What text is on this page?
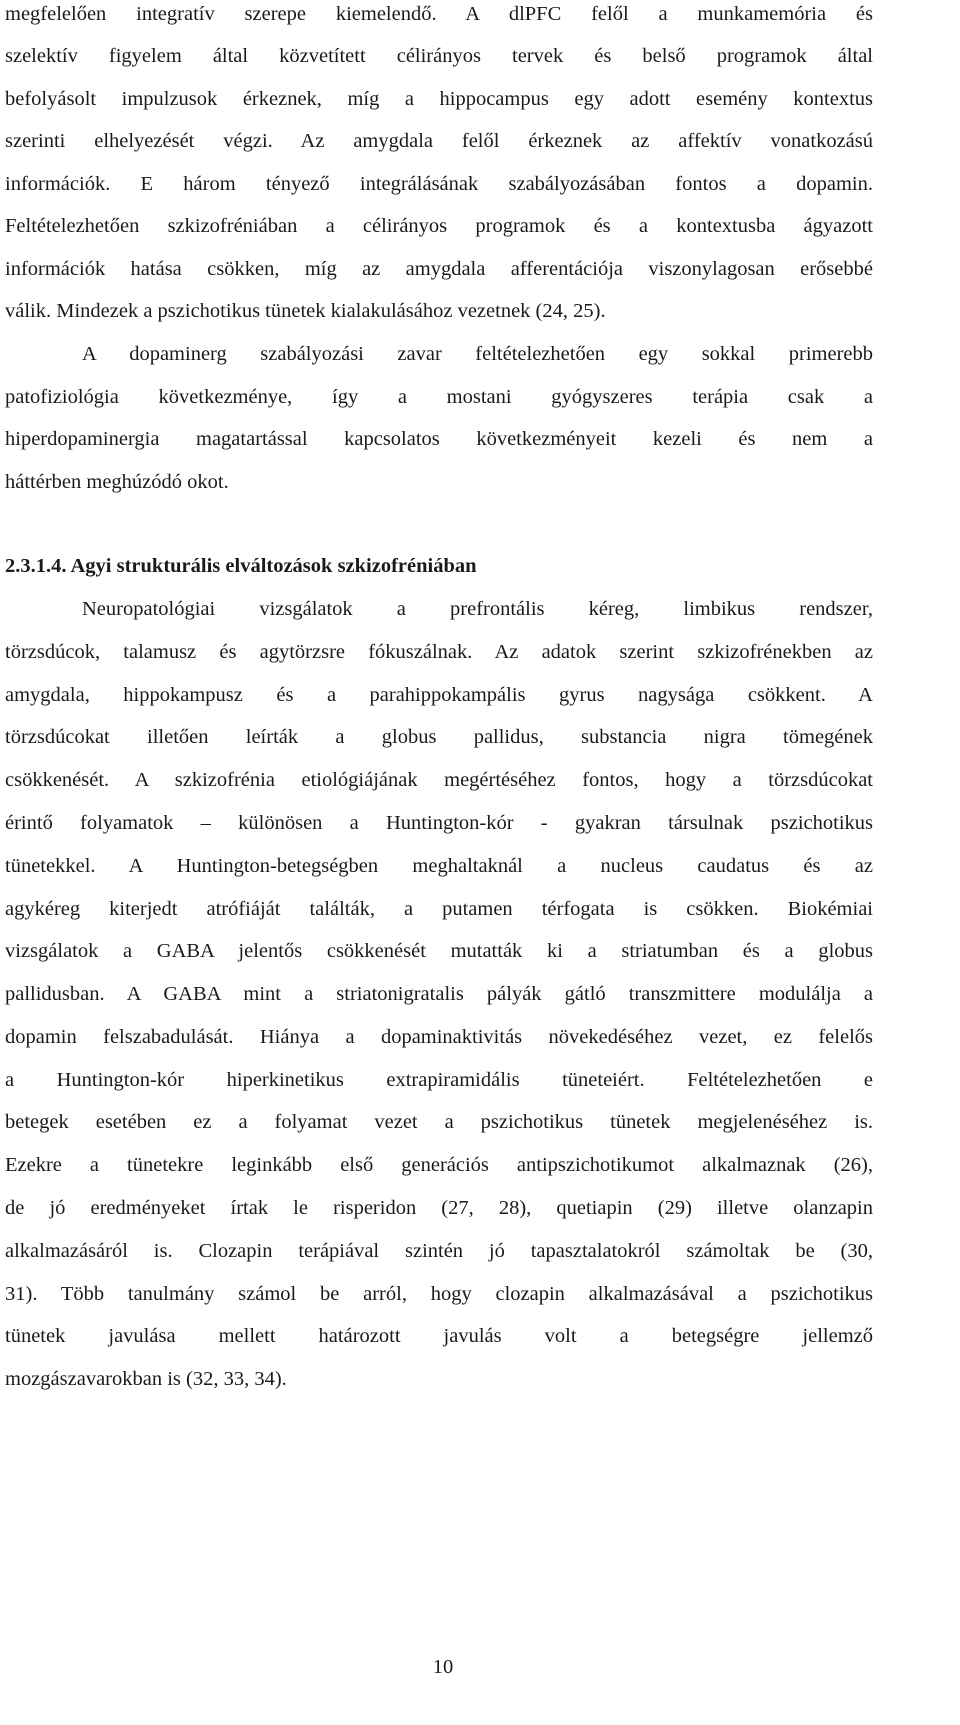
megfelelően integratív szerepe kiemelendő. A dlPFC felől a munkamemória és
szelektív figyelem által közvetített célirányos tervek és belső programok által
befolyásolt impulzusok érkeznek, míg a hippocampus egy adott esemény kontextus
szerinti elhelyezését végzi. Az amygdala felől érkeznek az affektív vonatkozású
információk. E három tényező integrálásának szabályozásában fontos a dopamin.
Feltételezhetően szkizofréniában a célirányos programok és a kontextusba ágyazott
információk hatása csökken, míg az amygdala afferentációja viszonylagosan erősebbé
válik. Mindezek a pszichotikus tünetek kialakulásához vezetnek (24, 25).
A dopaminerg szabályozási zavar feltételezhetően egy sokkal primerebb
patofiziológia következménye, így a mostani gyógyszeres terápia csak a
hiperdopaminergia magatartással kapcsolatos következményeit kezeli és nem a
háttérben meghúzódó okot.
2.3.1.4. Agyi strukturális elváltozások szkizofréniában
Neuropatológiai vizsgálatok a prefrontális kéreg, limbikus rendszer,
törzsdúcok, talamusz és agytörzsre fókuszálnak. Az adatok szerint szkizofrénekben az
amygdala, hippokampusz és a parahippokampális gyrus nagysága csökkent. A
törzsdúcokat illetően leírták a globus pallidus, substancia nigra tömegének
csökkenését. A szkizofrénia etiológiájának megértéséhez fontos, hogy a törzsdúcokat
érintő folyamatok – különösen a Huntington-kór - gyakran társulnak pszichotikus
tünetekkel. A Huntington-betegségben meghaltaknál a nucleus caudatus és az
agykéreg kiterjedt atrófiáját találták, a putamen térfogata is csökken. Biokémiai
vizsgálatok a GABA jelentős csökkenését mutatták ki a striatumban és a globus
pallidusban. A GABA mint a striatonigratalis pályák gátló transzmittere modulálja a
dopamin felszabadulását. Hiánya a dopaminaktivitás növekedéséhez vezet, ez felelős
a Huntington-kór hiperkinetikus extrapiramidális tüneteiért. Feltételezhetően e
betegek esetében ez a folyamat vezet a pszichotikus tünetek megjelenéséhez is.
Ezekre a tünetekre leginkább első generációs antipszichotikumot alkalmaznak (26),
de jó eredményeket írtak le risperidon (27, 28), quetiapin (29) illetve olanzapin
alkalmazásáról is. Clozapin terápiával szintén jó tapasztalatokról számoltak be (30,
31). Több tanulmány számol be arról, hogy clozapin alkalmazásával a pszichotikus
tünetek javulása mellett határozott javulás volt a betegségre jellemző
mozgászavarokban is (32, 33, 34).
10
